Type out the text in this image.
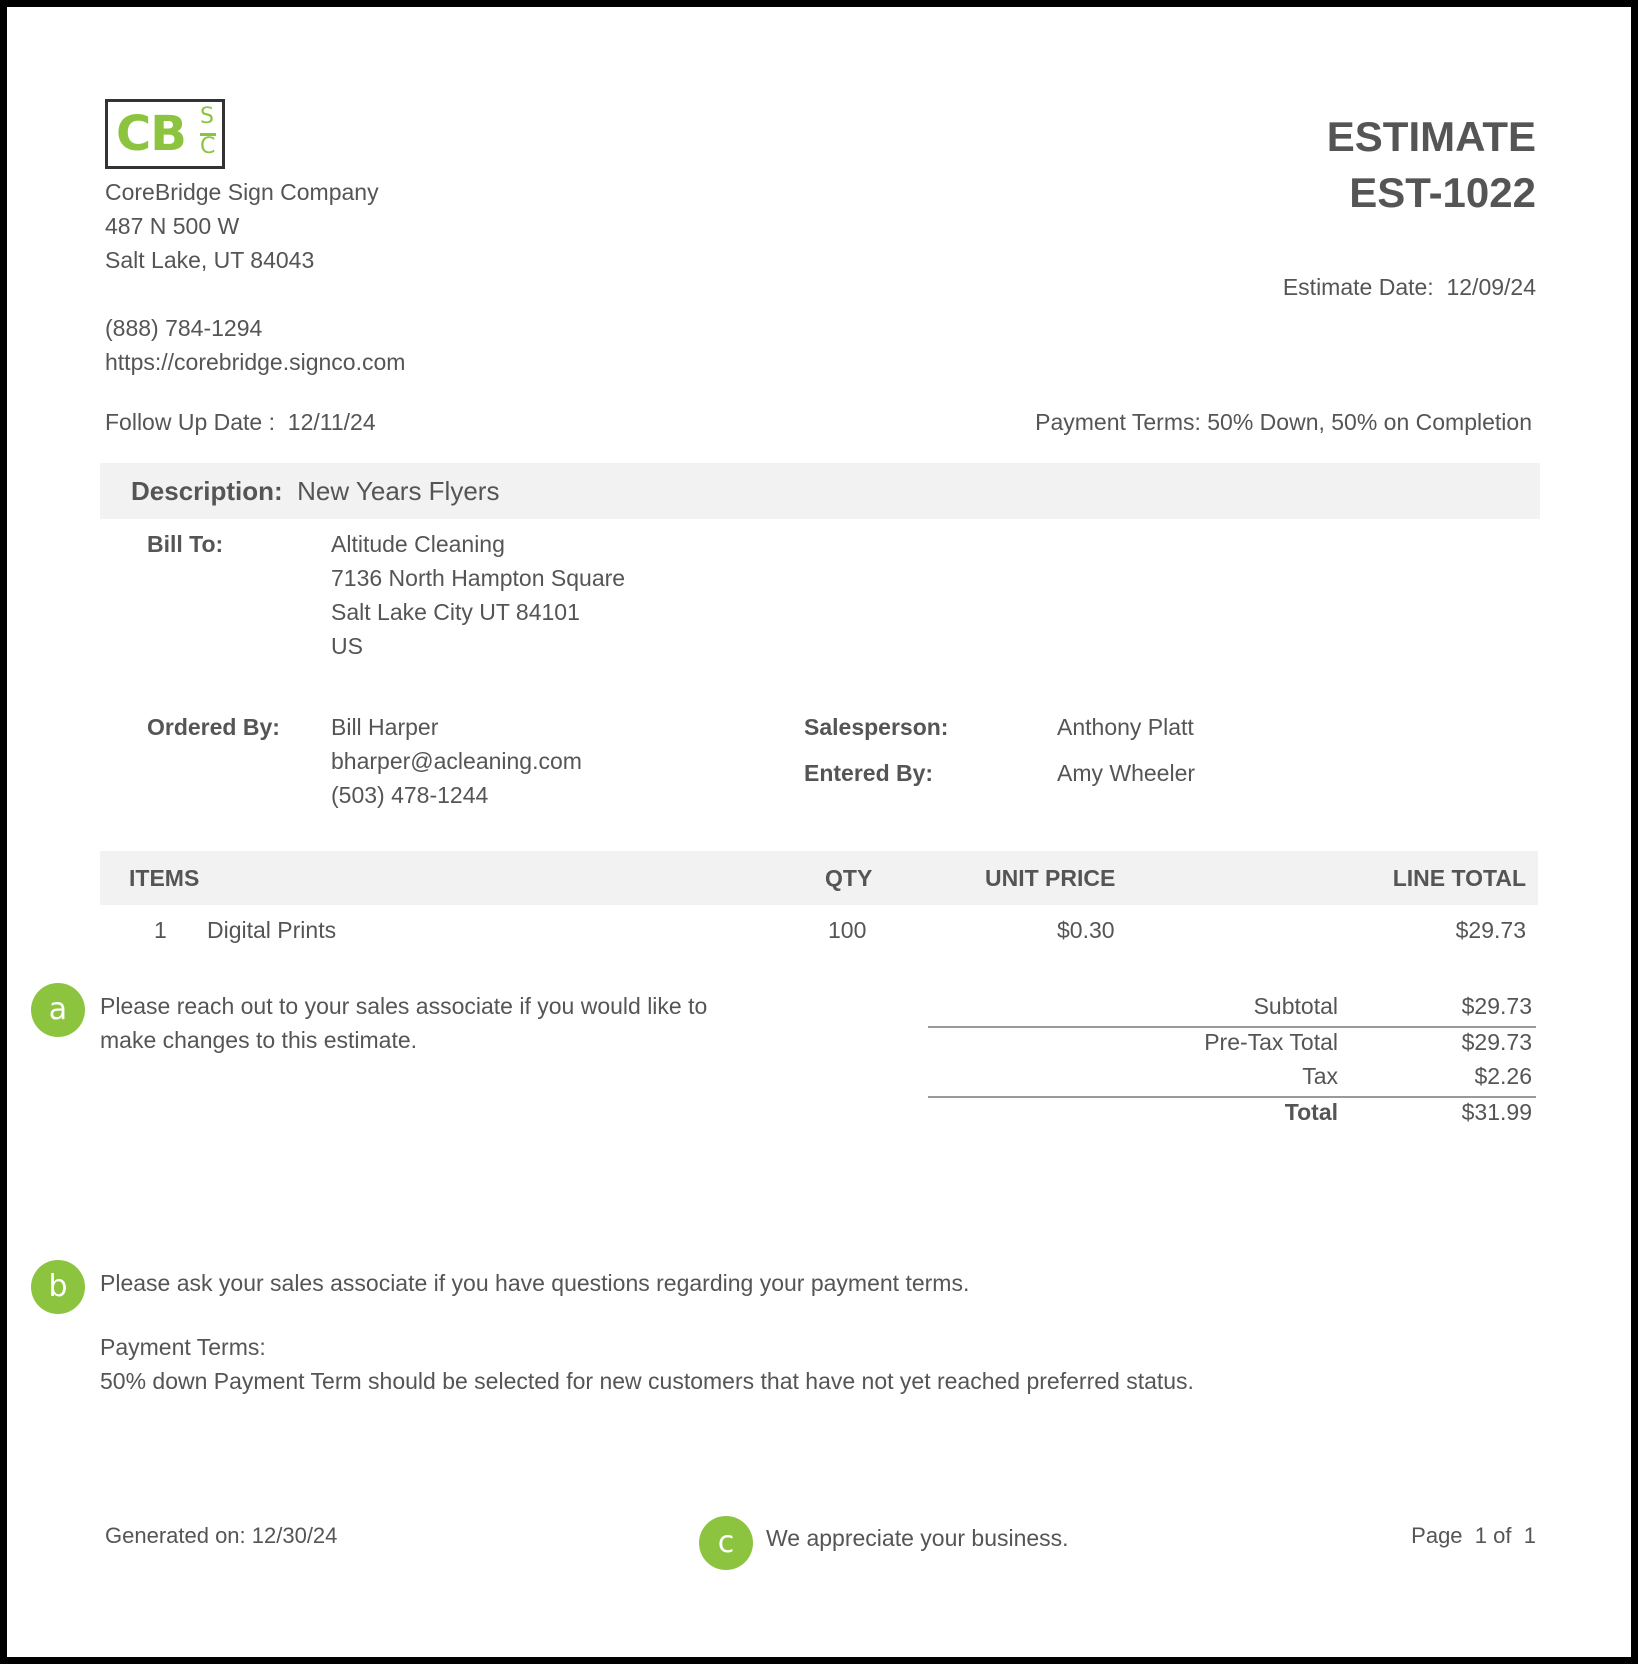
CB S
C
CoreBridge Sign Company
487 N 500 W
Salt Lake, UT 84043
(888) 784-1294
https://corebridge.signco.com
ESTIMATE
EST-1022
Estimate Date: 12/09/24
Follow Up Date : 12/11/24	Payment Terms: 50% Down, 50% on Completion
Description: New Years Flyers
Bill To:	Altitude Cleaning
7136 North Hampton Square
Salt Lake City UT 84101
US
Ordered By: Bill Harper
bharper@acleaning.com
(503) 478-1244
Salesperson:	Anthony Platt
Entered By:	Amy Wheeler
ITEMS	QTY	UNIT PRICE	LINE TOTAL
1 Digital Prints	100	$0.30	$29.73
a	Please reach out to your sales associate if you would like to
make changes to this estimate.
Subtotal	$29.73
Pre-Tax Total	$29.73
Tax	$2.26
Total	$31.99
b	Please ask your sales associate if you have questions regarding your payment terms.
Payment Terms:
50% down Payment Term should be selected for new customers that have not yet reached preferred status.
Generated on: 12/30/24	c	We appreciate your business.	Page 1 of 1
